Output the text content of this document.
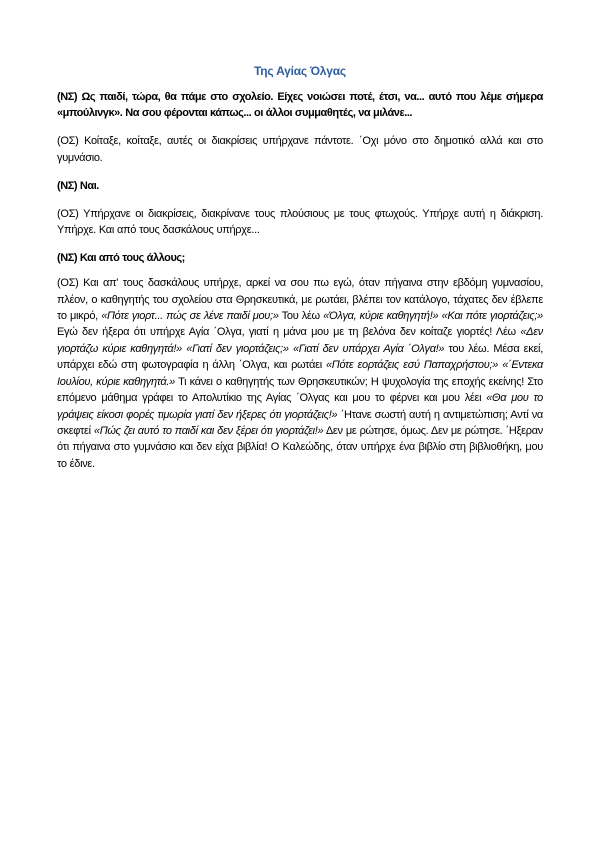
Της Αγίας Όλγας

(ΝΣ) Ως παιδί, τώρα, θα πάμε στο σχολείο. Είχες νοιώσει ποτέ, έτσι, να... αυτό που λέμε σήμερα «μπούλινγκ». Να σου φέρονται κάπως... οι άλλοι συμμαθητές, να μιλάνε...

(ΟΣ) Κοίταξε, κοίταξε, αυτές οι διακρίσεις υπήρχανε πάντοτε. ΄Οχι μόνο στο δημοτικό αλλά και στο γυμνάσιο.

(ΝΣ) Ναι.

(ΟΣ) Υπήρχανε οι διακρίσεις, διακρίνανε τους πλούσιους με τους φτωχούς. Υπήρχε αυτή η διάκριση. Υπήρχε. Και από τους δασκάλους υπήρχε...

(ΝΣ) Και από τους άλλους;

(ΟΣ) Και απ' τους δασκάλους υπήρχε, αρκεί να σου πω εγώ, όταν πήγαινα στην εβδόμη γυμνασίου, πλέον, ο καθηγητής του σχολείου στα Θρησκευτικά, με ρωτάει, βλέπει τον κατάλογο, τάχατες δεν έβλεπε το μικρό, «Πότε γιορτ... πώς σε λένε παιδί μου;» Του λέω «Όλγα, κύριε καθηγητή!» «Και πότε γιορτάζεις;» Εγώ δεν ήξερα ότι υπήρχε Αγία ΄Ολγα, γιατί η μάνα μου με τη βελόνα δεν κοίταζε γιορτές! Λέω «Δεν γιορτάζω κύριε καθηγητά!» «Γιατί δεν γιορτάζεις;» «Γιατί δεν υπάρχει Αγία ΄Ολγα!» του λέω. Μέσα εκεί, υπάρχει εδώ στη φωτογραφία η άλλη ΄Ολγα, και ρωτάει «Πότε εορτάζεις εσύ Παπαχρήστου;» «΄Εντεκα Ιουλίου, κύριε καθηγητά.» Τι κάνει ο καθηγητής των Θρησκευτικών; Η ψυχολογία της εποχής εκείνης! Στο επόμενο μάθημα γράφει το Απολυτίκιο της Αγίας ΄Ολγας και μου το φέρνει και μου λέει «Θα μου το γράψεις είκοσι φορές τιμωρία γιατί δεν ήξερες ότι γιορτάζεις!» ΄Ητανε σωστή αυτή η αντιμετώπιση; Αντί να σκεφτεί «Πώς ζει αυτό το παιδί και δεν ξέρει ότι γιορτάζει!» Δεν με ρώτησε, όμως. Δεν με ρώτησε. ΄Ηξεραν ότι πήγαινα στο γυμνάσιο και δεν είχα βιβλία! Ο Καλεώδης, όταν υπήρχε ένα βιβλίο στη βιβλιοθήκη, μου το έδινε.
